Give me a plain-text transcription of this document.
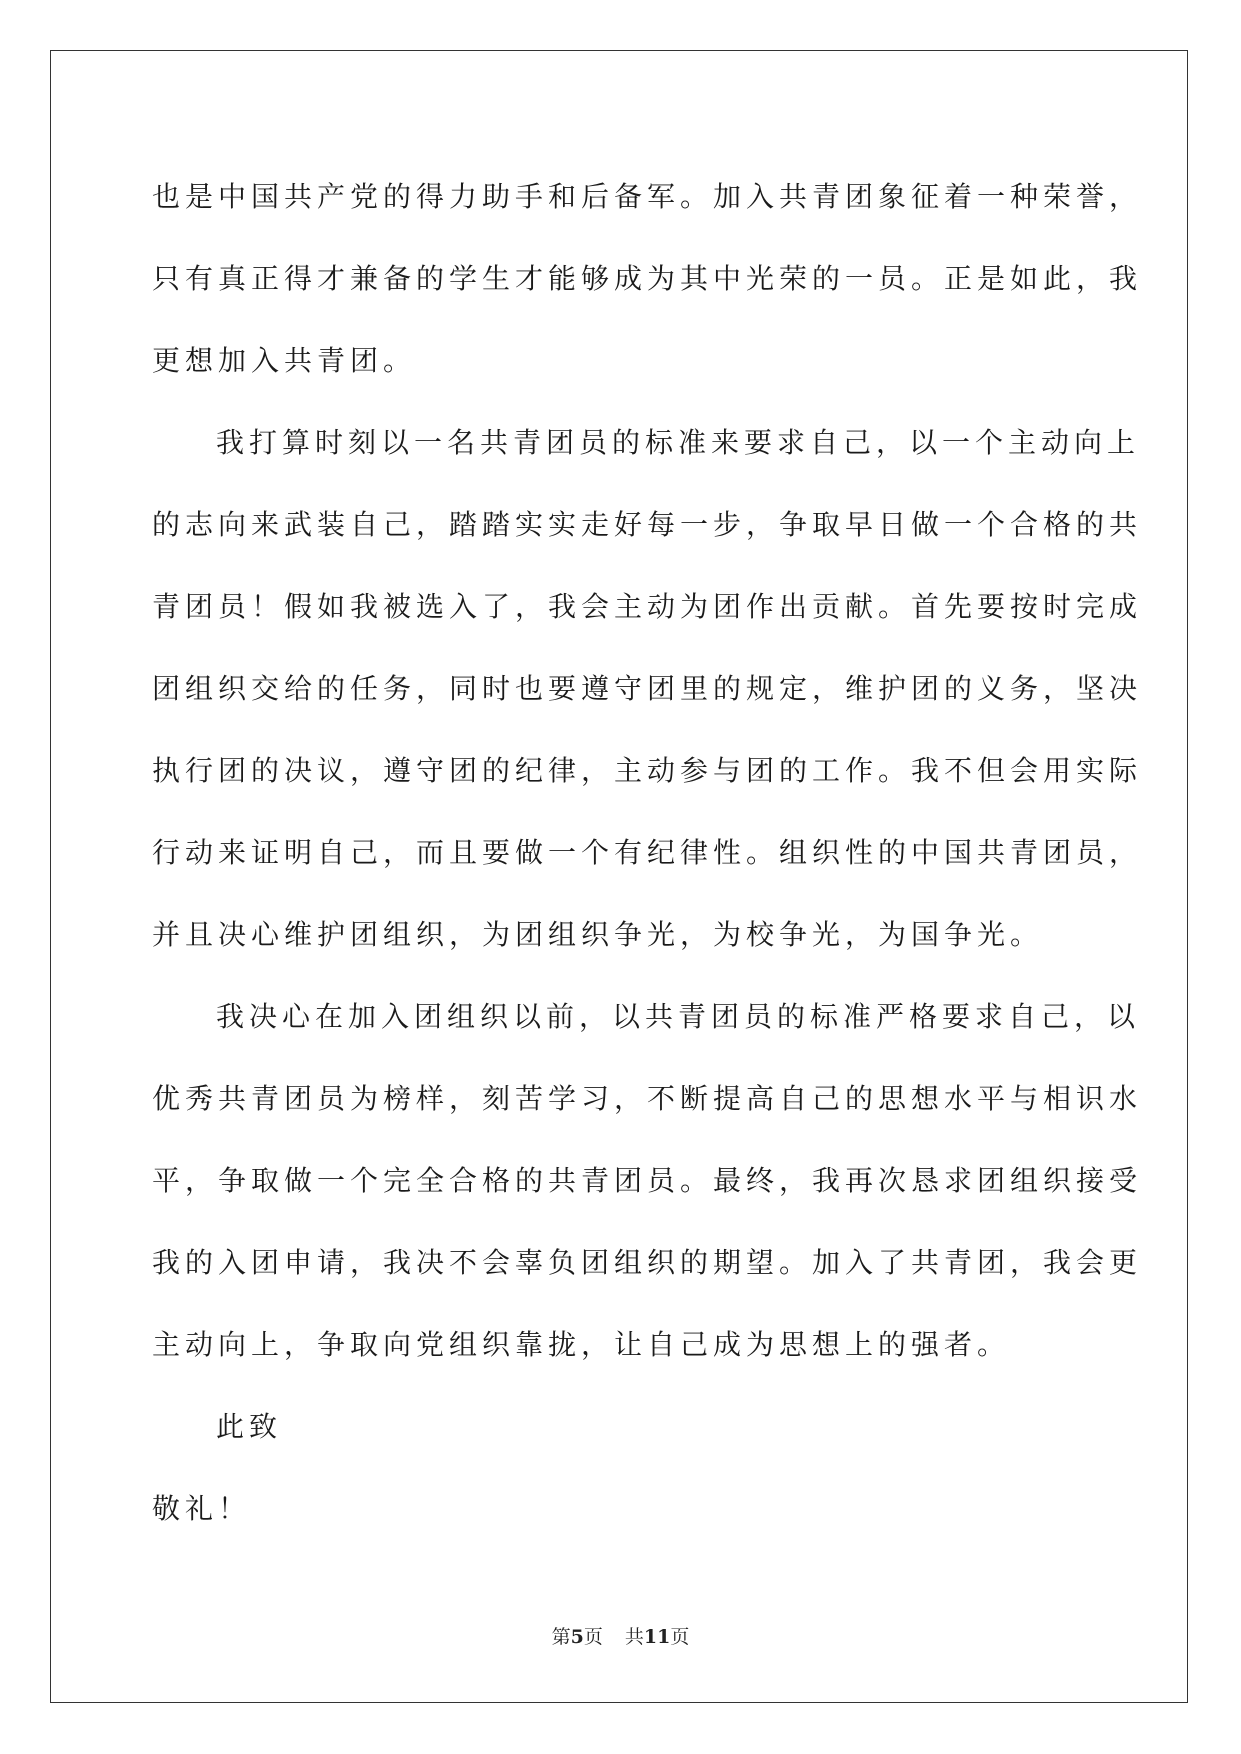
也是中国共产党的得力助手和后备军。加入共青团象征着一种荣誉，
只有真正得才兼备的学生才能够成为其中光荣的一员。正是如此，我
更想加入共青团。

我打算时刻以一名共青团员的标准来要求自己，以一个主动向上
的志向来武装自己，踏踏实实走好每一步，争取早日做一个合格的共
青团员！假如我被选入了，我会主动为团作出贡献。首先要按时完成
团组织交给的任务，同时也要遵守团里的规定，维护团的义务，坚决
执行团的决议，遵守团的纪律，主动参与团的工作。我不但会用实际
行动来证明自己，而且要做一个有纪律性。组织性的中国共青团员，
并且决心维护团组织，为团组织争光，为校争光，为国争光。

我决心在加入团组织以前，以共青团员的标准严格要求自己，以
优秀共青团员为榜样，刻苦学习，不断提高自己的思想水平与相识水
平，争取做一个完全合格的共青团员。最终，我再次恳求团组织接受
我的入团申请，我决不会辜负团组织的期望。加入了共青团，我会更
主动向上，争取向党组织靠拢，让自己成为思想上的强者。

此致

敬礼！

第5页 共11页
